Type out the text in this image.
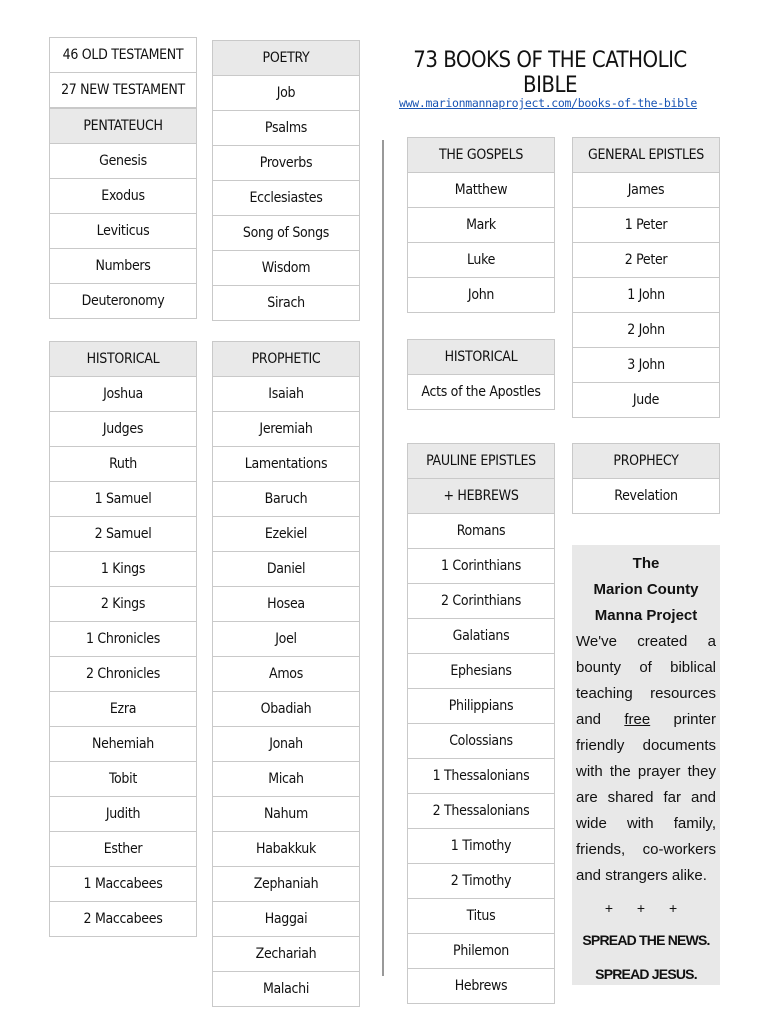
73 BOOKS OF THE CATHOLIC BIBLE
www.marionmannaproject.com/books-of-the-bible
46 OLD TESTAMENT
27 NEW TESTAMENT
PENTATEUCH
Genesis
Exodus
Leviticus
Numbers
Deuteronomy
POETRY
Job
Psalms
Proverbs
Ecclesiastes
Song of Songs
Wisdom
Sirach
HISTORICAL
Joshua
Judges
Ruth
1 Samuel
2 Samuel
1 Kings
2 Kings
1 Chronicles
2 Chronicles
Ezra
Nehemiah
Tobit
Judith
Esther
1 Maccabees
2 Maccabees
PROPHETIC
Isaiah
Jeremiah
Lamentations
Baruch
Ezekiel
Daniel
Hosea
Joel
Amos
Obadiah
Jonah
Micah
Nahum
Habakkuk
Zephaniah
Haggai
Zechariah
Malachi
THE GOSPELS
Matthew
Mark
Luke
John
HISTORICAL
Acts of the Apostles
GENERAL EPISTLES
James
1 Peter
2 Peter
1 John
2 John
3 John
Jude
PAULINE EPISTLES
+ HEBREWS
Romans
1 Corinthians
2 Corinthians
Galatians
Ephesians
Philippians
Colossians
1 Thessalonians
2 Thessalonians
1 Timothy
2 Timothy
Titus
Philemon
Hebrews
PROPHECY
Revelation
The
Marion County
Manna Project
We've created a bounty of biblical teaching resources and free printer friendly documents with the prayer they are shared far and wide with family, friends, co-workers and strangers alike.
+ + +
SPREAD THE NEWS.
SPREAD JESUS.
